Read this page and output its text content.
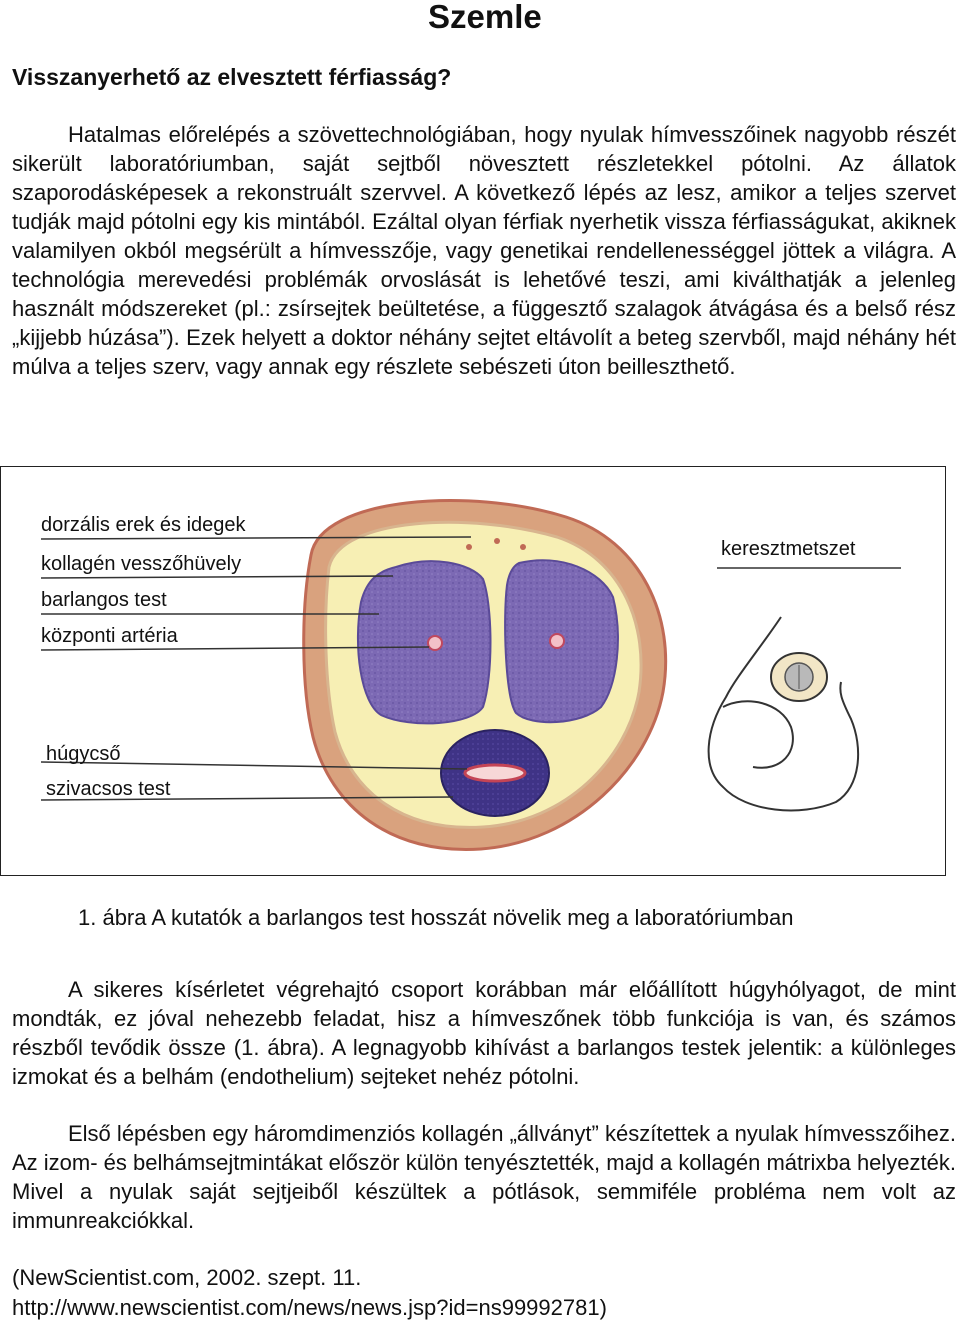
Szemle
Visszanyerhető az elvesztett férfiasság?

Hatalmas előrelépés a szövettechnológiában, hogy nyulak hímvesszőinek nagyobb részét sikerült laboratóriumban, saját sejtből növesztett részletekkel pótolni. Az állatok szaporodásképesek a rekonstruált szervvel. A következő lépés az lesz, amikor a teljes szervet tudják majd pótolni egy kis mintából. Ezáltal olyan férfiak nyerhetik vissza férfiasságukat, akiknek valamilyen okból megsérült a hímvesszője, vagy genetikai rendellenességgel jöttek a világra. A technológia merevedési problémák orvoslását is lehetővé teszi, ami kiválthatják a jelenleg használt módszereket (pl.: zsírsejtek beültetése, a függesztő szalagok átvágása és a belső rész „kijjebb húzása”). Ezek helyett a doktor néhány sejtet eltávolít a beteg szervből, majd néhány hét múlva a teljes szerv, vagy annak egy részlete sebészeti úton beilleszthető.

dorzális erek és idegek
kollagén vesszőhüvely
barlangos test
központi artéria
húgycső
szivacsos test
keresztmetszet

1. ábra A kutatók a barlangos test hosszát növelik meg a laboratóriumban

A sikeres kísérletet végrehajtó csoport korábban már előállított húgyhólyagot, de mint mondták, ez jóval nehezebb feladat, hisz a hímveszőnek több funkciója is van, és számos részből tevődik össze (1. ábra). A legnagyobb kihívást a barlangos testek jelentik: a különleges izmokat és a belhám (endothelium) sejteket nehéz pótolni.

Első lépésben egy háromdimenziós kollagén „állványt” készítettek a nyulak hímvesszőihez. Az izom- és belhámsejtmintákat először külön tenyésztették, majd a kollagén mátrixba helyezték. Mivel a nyulak saját sejtjeiből készültek a pótlások, semmiféle probléma nem volt az immunreakciókkal.

(NewScientist.com, 2002. szept. 11.
http://www.newscientist.com/news/news.jsp?id=ns99992781)
